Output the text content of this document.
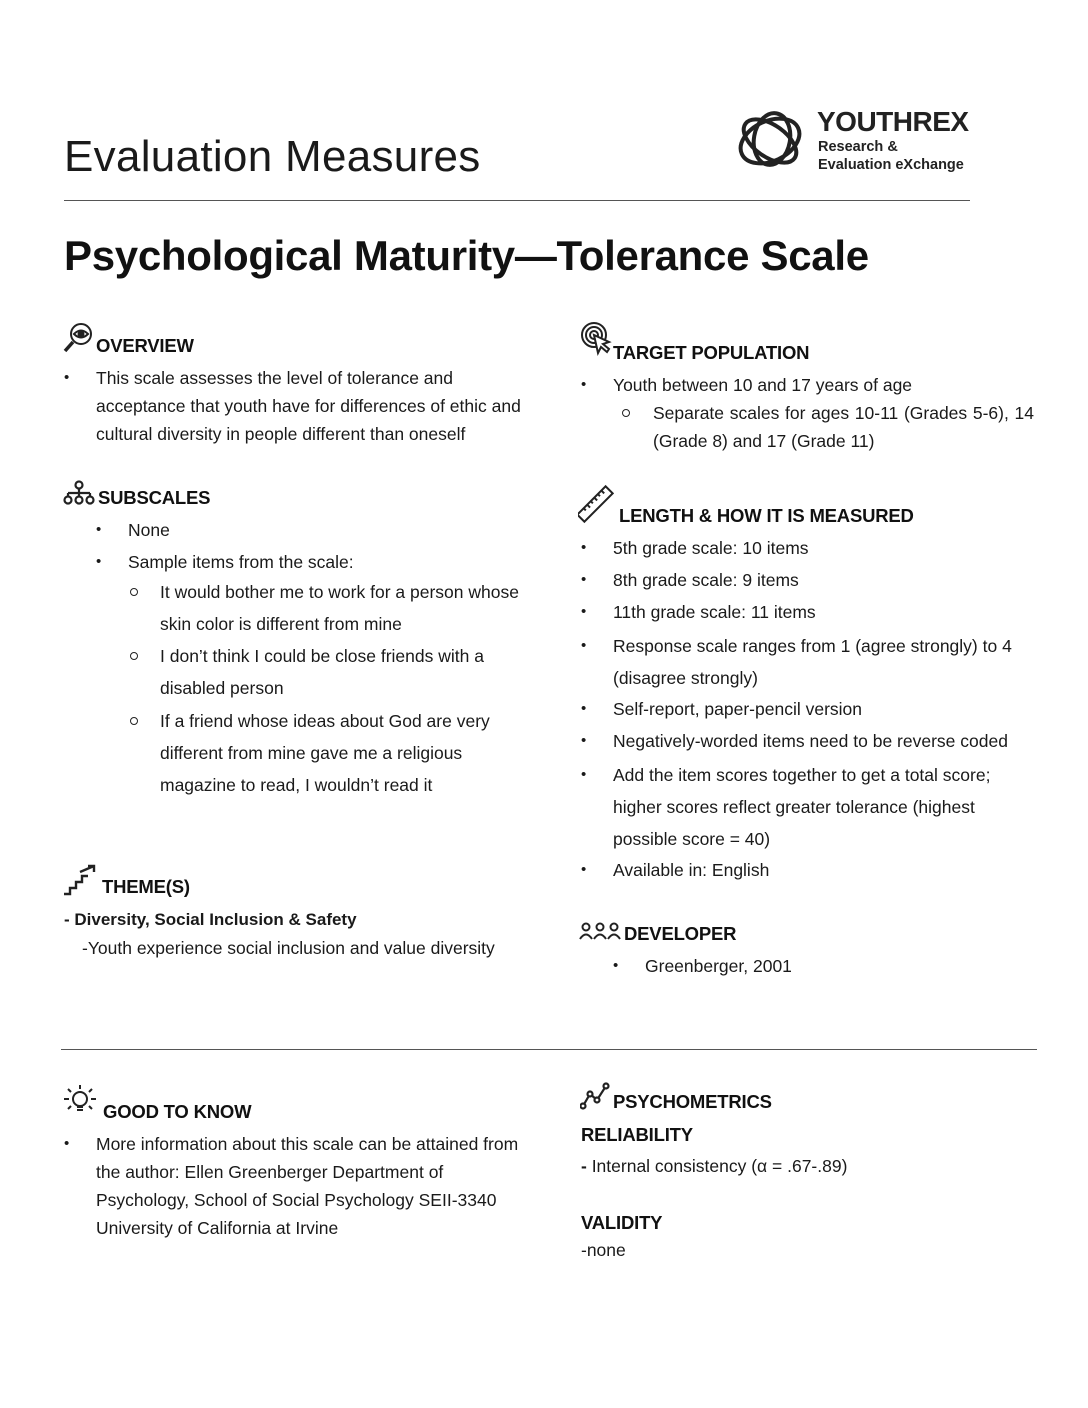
Evaluation Measures
YOUTHREX
Research &
Evaluation eXchange
Psychological Maturity—Tolerance Scale
OVERVIEW
• This scale assesses the level of tolerance and acceptance that youth have for differences of ethic and cultural diversity in people different than oneself
SUBSCALES
• None
• Sample items from the scale:
It would bother me to work for a person whose skin color is different from mine
I don’t think I could be close friends with a disabled person
If a friend whose ideas about God are very different from mine gave me a religious magazine to read, I wouldn’t read it
THEME(S)
- Diversity, Social Inclusion & Safety
-Youth experience social inclusion and value diversity
TARGET POPULATION
• Youth between 10 and 17 years of age
Separate scales for ages 10-11 (Grades 5-6), 14 (Grade 8) and 17 (Grade 11)
LENGTH & HOW IT IS MEASURED
• 5th grade scale: 10 items
• 8th grade scale: 9 items
• 11th grade scale: 11 items
• Response scale ranges from 1 (agree strongly) to 4 (disagree strongly)
• Self-report, paper-pencil version
• Negatively-worded items need to be reverse coded
• Add the item scores together to get a total score; higher scores reflect greater tolerance (highest possible score = 40)
• Available in: English
DEVELOPER
• Greenberger, 2001
GOOD TO KNOW
• More information about this scale can be attained from the author: Ellen Greenberger Department of Psychology, School of Social Psychology SEII-3340 University of California at Irvine
PSYCHOMETRICS
RELIABILITY
- Internal consistency (α = .67-.89)
VALIDITY
-none
